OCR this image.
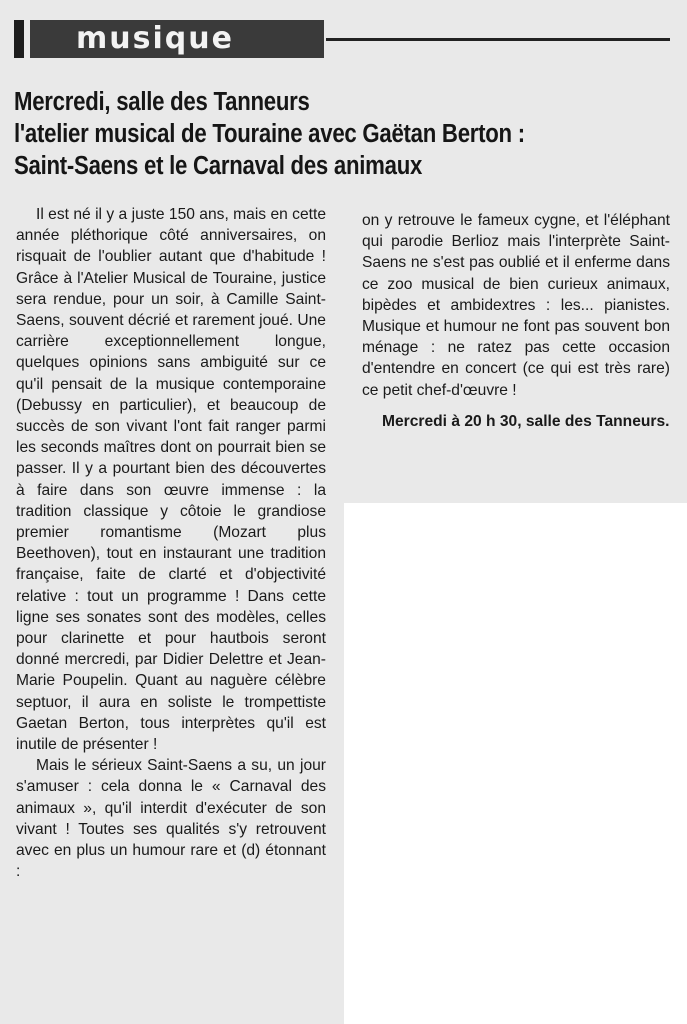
musique
Mercredi, salle des Tanneurs
l'atelier musical de Touraine avec Gaëtan Berton :
Saint-Saens et le Carnaval des animaux

Il est né il y a juste 150 ans, mais en cette année pléthorique côté anniversaires, on risquait de l'oublier autant que d'habitude ! Grâce à l'Atelier Musical de Touraine, justice sera rendue, pour un soir, à Camille Saint-Saens, souvent décrié et rarement joué. Une carrière exceptionnellement longue, quelques opinions sans ambiguité sur ce qu'il pensait de la musique contemporaine (Debussy en particulier), et beaucoup de succès de son vivant l'ont fait ranger parmi les seconds maîtres dont on pourrait bien se passer. Il y a pourtant bien des découvertes à faire dans son œuvre immense : la tradition classique y côtoie le grandiose premier romantisme (Mozart plus Beethoven), tout en instaurant une tradition française, faite de clarté et d'objectivité relative : tout un programme ! Dans cette ligne ses sonates sont des modèles, celles pour clarinette et pour hautbois seront donné mercredi, par Didier Delettre et Jean-Marie Poupelin. Quant au naguère célèbre septuor, il aura en soliste le trompettiste Gaetan Berton, tous interprètes qu'il est inutile de présenter !

Mais le sérieux Saint-Saens a su, un jour s'amuser : cela donna le « Carnaval des animaux », qu'il interdit d'exécuter de son vivant ! Toutes ses qualités s'y retrouvent avec en plus un humour rare et (d) étonnant :

on y retrouve le fameux cygne, et l'éléphant qui parodie Berlioz mais l'interprète Saint-Saens ne s'est pas oublié et il enferme dans ce zoo musical de bien curieux animaux, bipèdes et ambidextres : les... pianistes. Musique et humour ne font pas souvent bon ménage : ne ratez pas cette occasion d'entendre en concert (ce qui est très rare) ce petit chef-d'œuvre !

Mercredi à 20 h 30, salle des Tanneurs.
